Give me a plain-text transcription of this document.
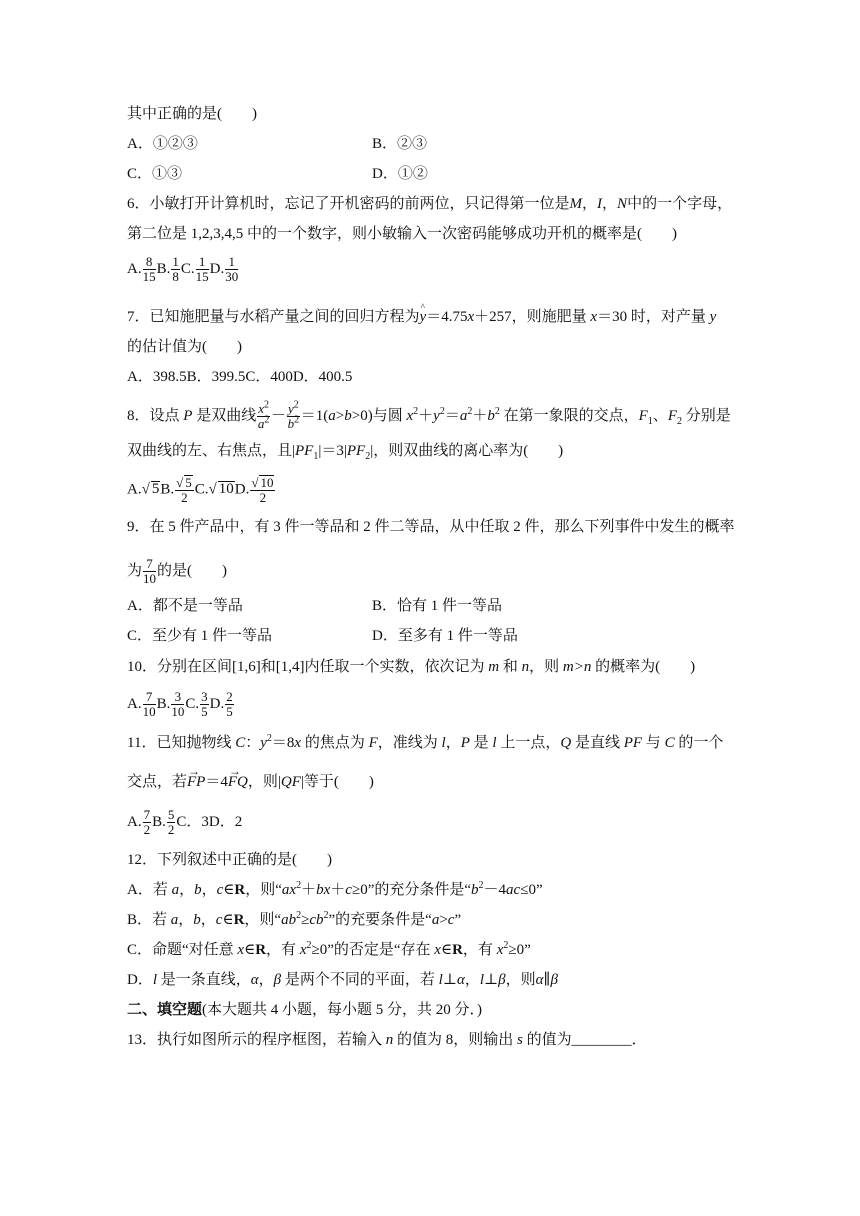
其中正确的是(　　)
A．①②③	B．②③
C．①③	D．①②
6．小敏打开计算机时，忘记了开机密码的前两位，只记得第一位是M，I，N中的一个字母，
第二位是 1,2,3,4,5 中的一个数字，则小敏输入一次密码能够成功开机的概率是(　　)
A. $\frac{8}{15} B$. $\frac{1}{8} C$. $\frac{1}{15} D$. $\frac{1}{30}$
7．已知施肥量与水稻产量之间的回归方程为^ y＝4.75x＋257，则施肥量 x＝30 时，对产量 y
的估计值为(　　)
A．398.5B．399.5C．400D．400.5
8．设点 P 是双曲线 $\frac{x^2}{a^2} - \frac{y^2}{b^2} =1(a>b>0)$与圆 $x^2+y^2=a^2+b^2$ 在第一象限的交点，$F_1$、$F_2$ 分别是
双曲线的左、右焦点，且$|PF_1|=3|PF_2|$，则双曲线的离心率为(　　)
A.√ 5B. $\frac{√ 5}{2} C.√$ 10D. $\frac{√ 10}{2}$
9．在 5 件产品中，有 3 件一等品和 2 件二等品，从中任取 2 件，那么下列事件中发生的概率
为 $\frac{7}{10}$ 的是(　　)
A．都不是一等品	B．恰有 1 件一等品
C．至少有 1 件一等品	D．至多有 1 件一等品
10．分别在区间[1,6]和[1,4]内任取一个实数，依次记为 m 和 n，则 m>n 的概率为(　　)
A. $\frac{7}{10} B$. $\frac{3}{10} C$. $\frac{3}{5} D$. $\frac{2}{5}$
11．已知抛物线 C：$y^2=8x$ 的焦点为 F，准线为 l，P 是 l 上一点，Q 是直线 PF 与 C 的一个
交点，若→ FP＝4→ FQ，则|QF|等于(　　)
A. $\frac{7}{2} B$. $\frac{5}{2}$ C．3D．2
12．下列叙述中正确的是(　　)
A．若 a，b，c∈R，则“$ax^2+bx+c\ge 0$”的充分条件是“$b^2-4ac\le 0$”
B．若 a，b，c∈R，则“$ab^2\ge cb^2$”的充要条件是“a>c”
C．命题“对任意 x∈R，有 $x^2\ge 0$”的否定是“存在 x∈R，有 $x^2\ge 0$”
D．l 是一条直线，α，β 是两个不同的平面，若 l⊥α，l⊥β，则α∥β
二、填空题(本大题共 4 小题，每小题 5 分，共 20 分．)
13．执行如图所示的程序框图，若输入 n 的值为 8，则输出 s 的值为________．
